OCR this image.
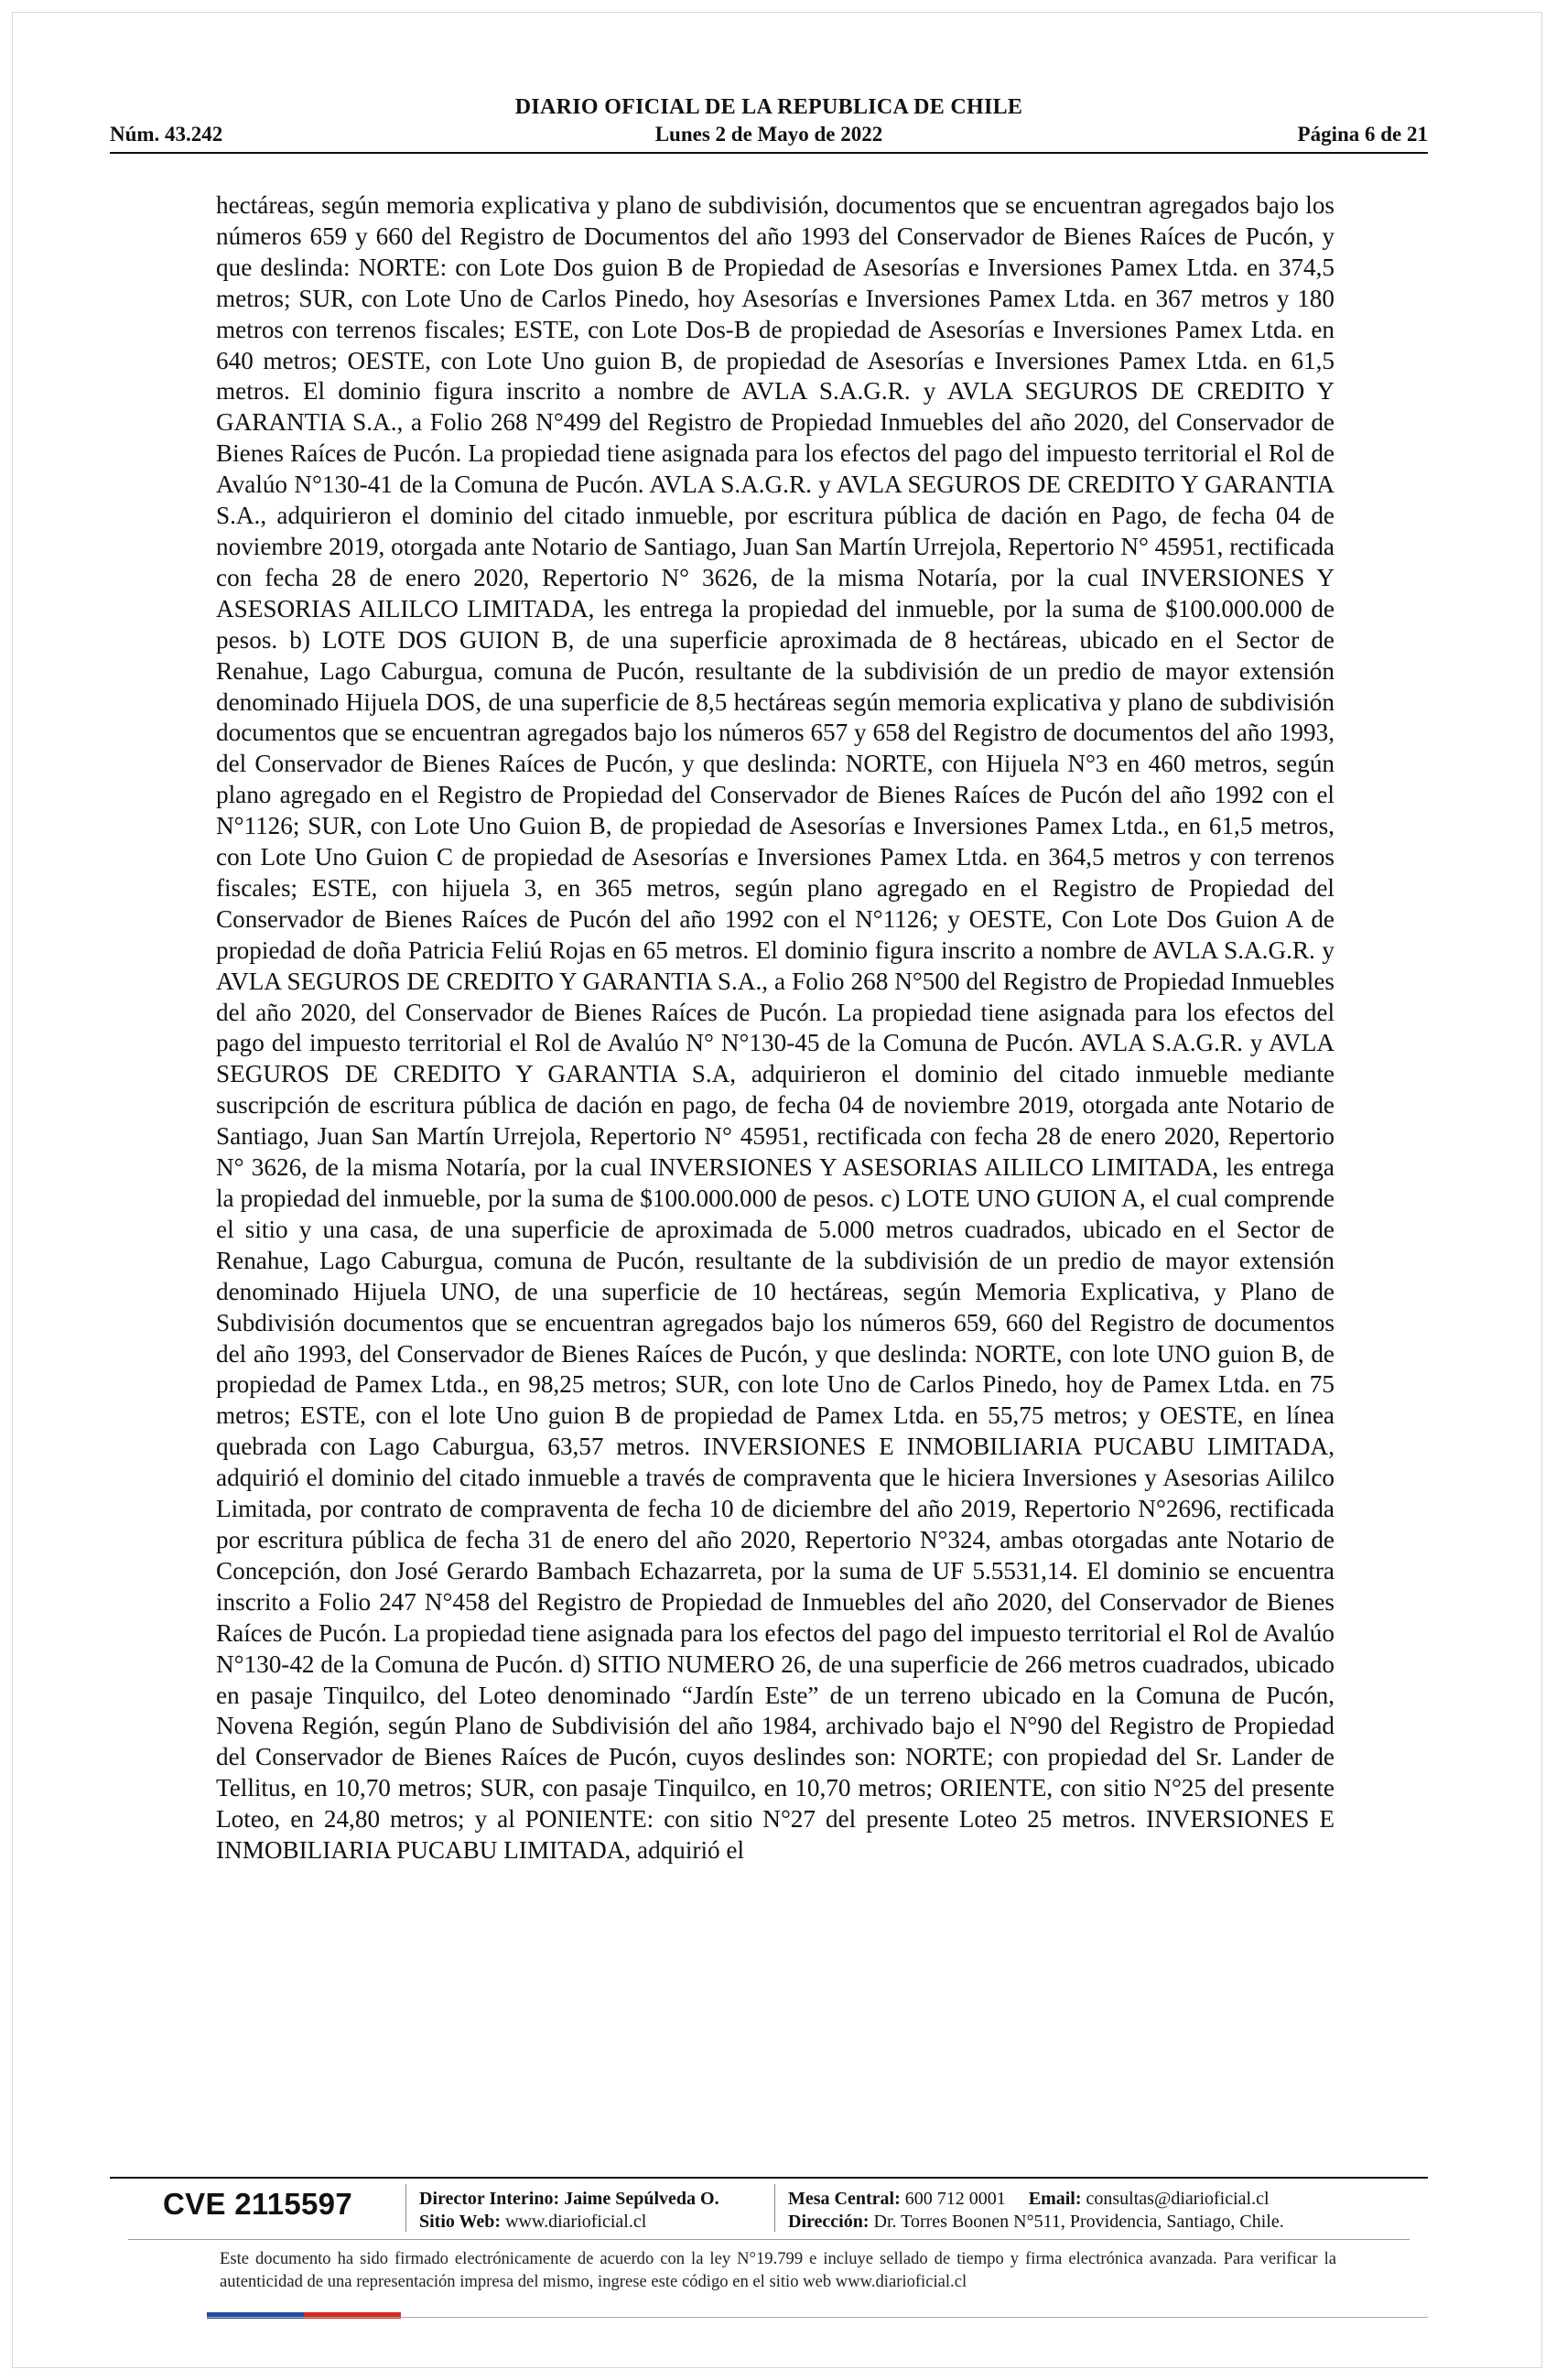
DIARIO OFICIAL DE LA REPUBLICA DE CHILE
Núm. 43.242	Lunes 2 de Mayo de 2022	Página 6 de 21
hectáreas, según memoria explicativa y plano de subdivisión, documentos que se encuentran agregados bajo los números 659 y 660 del Registro de Documentos del año 1993 del Conservador de Bienes Raíces de Pucón, y que deslinda: NORTE: con Lote Dos guion B de Propiedad de Asesorías e Inversiones Pamex Ltda. en 374,5 metros; SUR, con Lote Uno de Carlos Pinedo, hoy Asesorías e Inversiones Pamex Ltda. en 367 metros y 180 metros con terrenos fiscales; ESTE, con Lote Dos-B de propiedad de Asesorías e Inversiones Pamex Ltda. en 640 metros; OESTE, con Lote Uno guion B, de propiedad de Asesorías e Inversiones Pamex Ltda. en 61,5 metros. El dominio figura inscrito a nombre de AVLA S.A.G.R. y AVLA SEGUROS DE CREDITO Y GARANTIA S.A., a Folio 268 N°499 del Registro de Propiedad Inmuebles del año 2020, del Conservador de Bienes Raíces de Pucón. La propiedad tiene asignada para los efectos del pago del impuesto territorial el Rol de Avalúo N°130-41 de la Comuna de Pucón. AVLA S.A.G.R. y AVLA SEGUROS DE CREDITO Y GARANTIA S.A., adquirieron el dominio del citado inmueble, por escritura pública de dación en Pago, de fecha 04 de noviembre 2019, otorgada ante Notario de Santiago, Juan San Martín Urrejola, Repertorio N° 45951, rectificada con fecha 28 de enero 2020, Repertorio N° 3626, de la misma Notaría, por la cual INVERSIONES Y ASESORIAS AILILCO LIMITADA, les entrega la propiedad del inmueble, por la suma de $100.000.000 de pesos. b) LOTE DOS GUION B, de una superficie aproximada de 8 hectáreas, ubicado en el Sector de Renahue, Lago Caburgua, comuna de Pucón, resultante de la subdivisión de un predio de mayor extensión denominado Hijuela DOS, de una superficie de 8,5 hectáreas según memoria explicativa y plano de subdivisión documentos que se encuentran agregados bajo los números 657 y 658 del Registro de documentos del año 1993, del Conservador de Bienes Raíces de Pucón, y que deslinda: NORTE, con Hijuela N°3 en 460 metros, según plano agregado en el Registro de Propiedad del Conservador de Bienes Raíces de Pucón del año 1992 con el N°1126; SUR, con Lote Uno Guion B, de propiedad de Asesorías e Inversiones Pamex Ltda., en 61,5 metros, con Lote Uno Guion C de propiedad de Asesorías e Inversiones Pamex Ltda. en 364,5 metros y con terrenos fiscales; ESTE, con hijuela 3, en 365 metros, según plano agregado en el Registro de Propiedad del Conservador de Bienes Raíces de Pucón del año 1992 con el N°1126; y OESTE, Con Lote Dos Guion A de propiedad de doña Patricia Feliú Rojas en 65 metros. El dominio figura inscrito a nombre de AVLA S.A.G.R. y AVLA SEGUROS DE CREDITO Y GARANTIA S.A., a Folio 268 N°500 del Registro de Propiedad Inmuebles del año 2020, del Conservador de Bienes Raíces de Pucón. La propiedad tiene asignada para los efectos del pago del impuesto territorial el Rol de Avalúo N° N°130-45 de la Comuna de Pucón. AVLA S.A.G.R. y AVLA SEGUROS DE CREDITO Y GARANTIA S.A, adquirieron el dominio del citado inmueble mediante suscripción de escritura pública de dación en pago, de fecha 04 de noviembre 2019, otorgada ante Notario de Santiago, Juan San Martín Urrejola, Repertorio N° 45951, rectificada con fecha 28 de enero 2020, Repertorio N° 3626, de la misma Notaría, por la cual INVERSIONES Y ASESORIAS AILILCO LIMITADA, les entrega la propiedad del inmueble, por la suma de $100.000.000 de pesos. c) LOTE UNO GUION A, el cual comprende el sitio y una casa, de una superficie de aproximada de 5.000 metros cuadrados, ubicado en el Sector de Renahue, Lago Caburgua, comuna de Pucón, resultante de la subdivisión de un predio de mayor extensión denominado Hijuela UNO, de una superficie de 10 hectáreas, según Memoria Explicativa, y Plano de Subdivisión documentos que se encuentran agregados bajo los números 659, 660 del Registro de documentos del año 1993, del Conservador de Bienes Raíces de Pucón, y que deslinda: NORTE, con lote UNO guion B, de propiedad de Pamex Ltda., en 98,25 metros; SUR, con lote Uno de Carlos Pinedo, hoy de Pamex Ltda. en 75 metros; ESTE, con el lote Uno guion B de propiedad de Pamex Ltda. en 55,75 metros; y OESTE, en línea quebrada con Lago Caburgua, 63,57 metros. INVERSIONES E INMOBILIARIA PUCABU LIMITADA, adquirió el dominio del citado inmueble a través de compraventa que le hiciera Inversiones y Asesorias Aililco Limitada, por contrato de compraventa de fecha 10 de diciembre del año 2019, Repertorio N°2696, rectificada por escritura pública de fecha 31 de enero del año 2020, Repertorio N°324, ambas otorgadas ante Notario de Concepción, don José Gerardo Bambach Echazarreta, por la suma de UF 5.5531,14. El dominio se encuentra inscrito a Folio 247 N°458 del Registro de Propiedad de Inmuebles del año 2020, del Conservador de Bienes Raíces de Pucón. La propiedad tiene asignada para los efectos del pago del impuesto territorial el Rol de Avalúo N°130-42 de la Comuna de Pucón. d) SITIO NUMERO 26, de una superficie de 266 metros cuadrados, ubicado en pasaje Tinquilco, del Loteo denominado “Jardín Este” de un terreno ubicado en la Comuna de Pucón, Novena Región, según Plano de Subdivisión del año 1984, archivado bajo el N°90 del Registro de Propiedad del Conservador de Bienes Raíces de Pucón, cuyos deslindes son: NORTE; con propiedad del Sr. Lander de Tellitus, en 10,70 metros; SUR, con pasaje Tinquilco, en 10,70 metros; ORIENTE, con sitio N°25 del presente Loteo, en 24,80 metros; y al PONIENTE: con sitio N°27 del presente Loteo 25 metros. INVERSIONES E INMOBILIARIA PUCABU LIMITADA, adquirió el
CVE 2115597	Director Interino: Jaime Sepúlveda O.
Sitio Web: www.diarioficial.cl
Mesa Central: 600 712 0001 Email: consultas@diarioficial.cl
Dirección: Dr. Torres Boonen N°511, Providencia, Santiago, Chile.
Este documento ha sido firmado electrónicamente de acuerdo con la ley N°19.799 e incluye sellado de tiempo y firma electrónica avanzada. Para verificar la autenticidad de una representación impresa del mismo, ingrese este código en el sitio web www.diarioficial.cl
